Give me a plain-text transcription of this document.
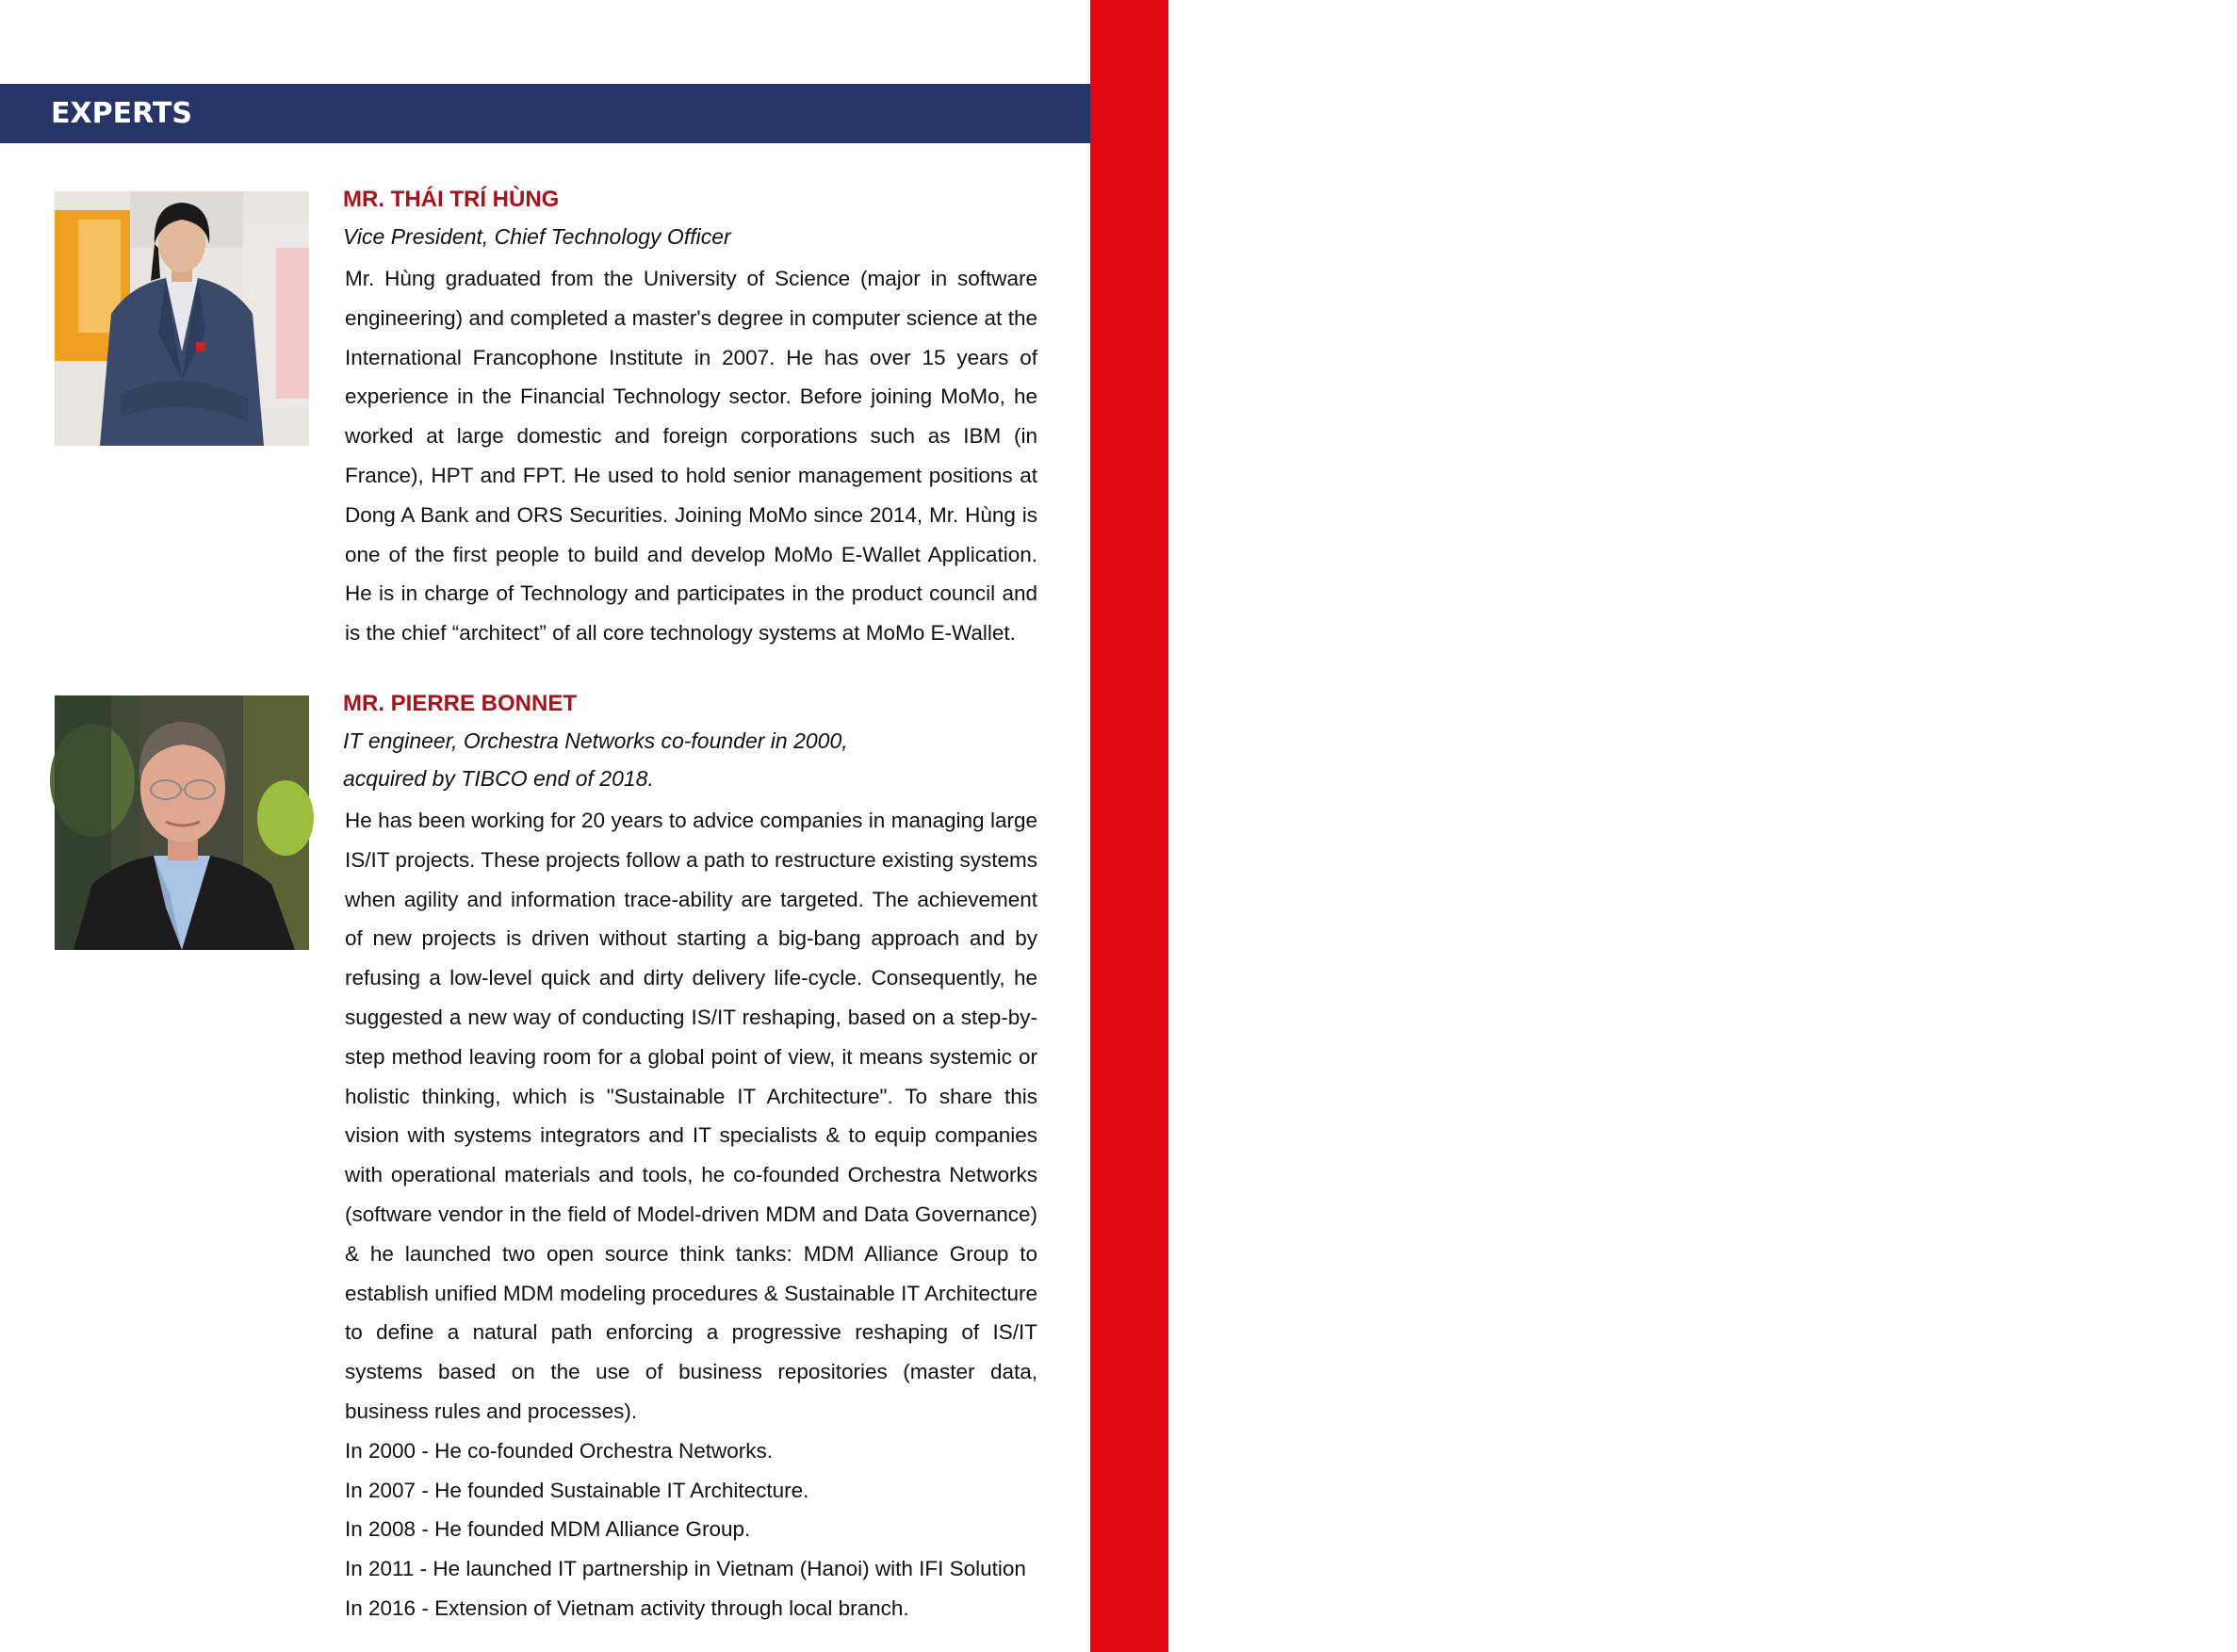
BANKING - FINANCE - FINTECH
EXPERTS
MR. THÁI TRÍ HÙNG
Vice President, Chief Technology Officer

Mr. Hùng graduated from the University of Science (major in software engineering) and completed a master's degree in computer science at the International Francophone Institute in 2007. He has over 15 years of experience in the Financial Technology sector. Before joining MoMo, he worked at large domestic and foreign corporations such as IBM (in France), HPT and FPT. He used to hold senior management positions at Dong A Bank and ORS Securities. Joining MoMo since 2014, Mr. Hùng is one of the first people to build and develop MoMo E-Wallet Application. He is in charge of Technology and participates in the product council and is the chief “architect” of all core technology systems at MoMo E-Wallet.

MR. PIERRE BONNET
IT engineer, Orchestra Networks co-founder in 2000,
acquired by TIBCO end of 2018.

He has been working for 20 years to advice companies in managing large IS/IT projects. These projects follow a path to restructure existing systems when agility and information trace-ability are targeted. The achievement of new projects is driven without starting a big-bang approach and by refusing a low-level quick and dirty delivery life-cycle. Consequently, he suggested a new way of conducting IS/IT reshaping, based on a step-by-step method leaving room for a global point of view, it means systemic or holistic thinking, which is "Sustainable IT Architecture". To share this vision with systems integrators and IT specialists & to equip companies with operational materials and tools, he co-founded Orchestra Networks (software vendor in the field of Model-driven MDM and Data Governance) & he launched two open source think tanks: MDM Alliance Group to establish unified MDM modeling procedures & Sustainable IT Architecture to define a natural path enforcing a progressive reshaping of IS/IT systems based on the use of business repositories (master data, business rules and processes).

In 2000 - He co-founded Orchestra Networks.
In 2007 - He founded Sustainable IT Architecture.
In 2008 - He founded MDM Alliance Group.
In 2011 - He launched IT partnership in Vietnam (Hanoi) with IFI Solution
In 2016 - Extension of Vietnam activity through local branch.
